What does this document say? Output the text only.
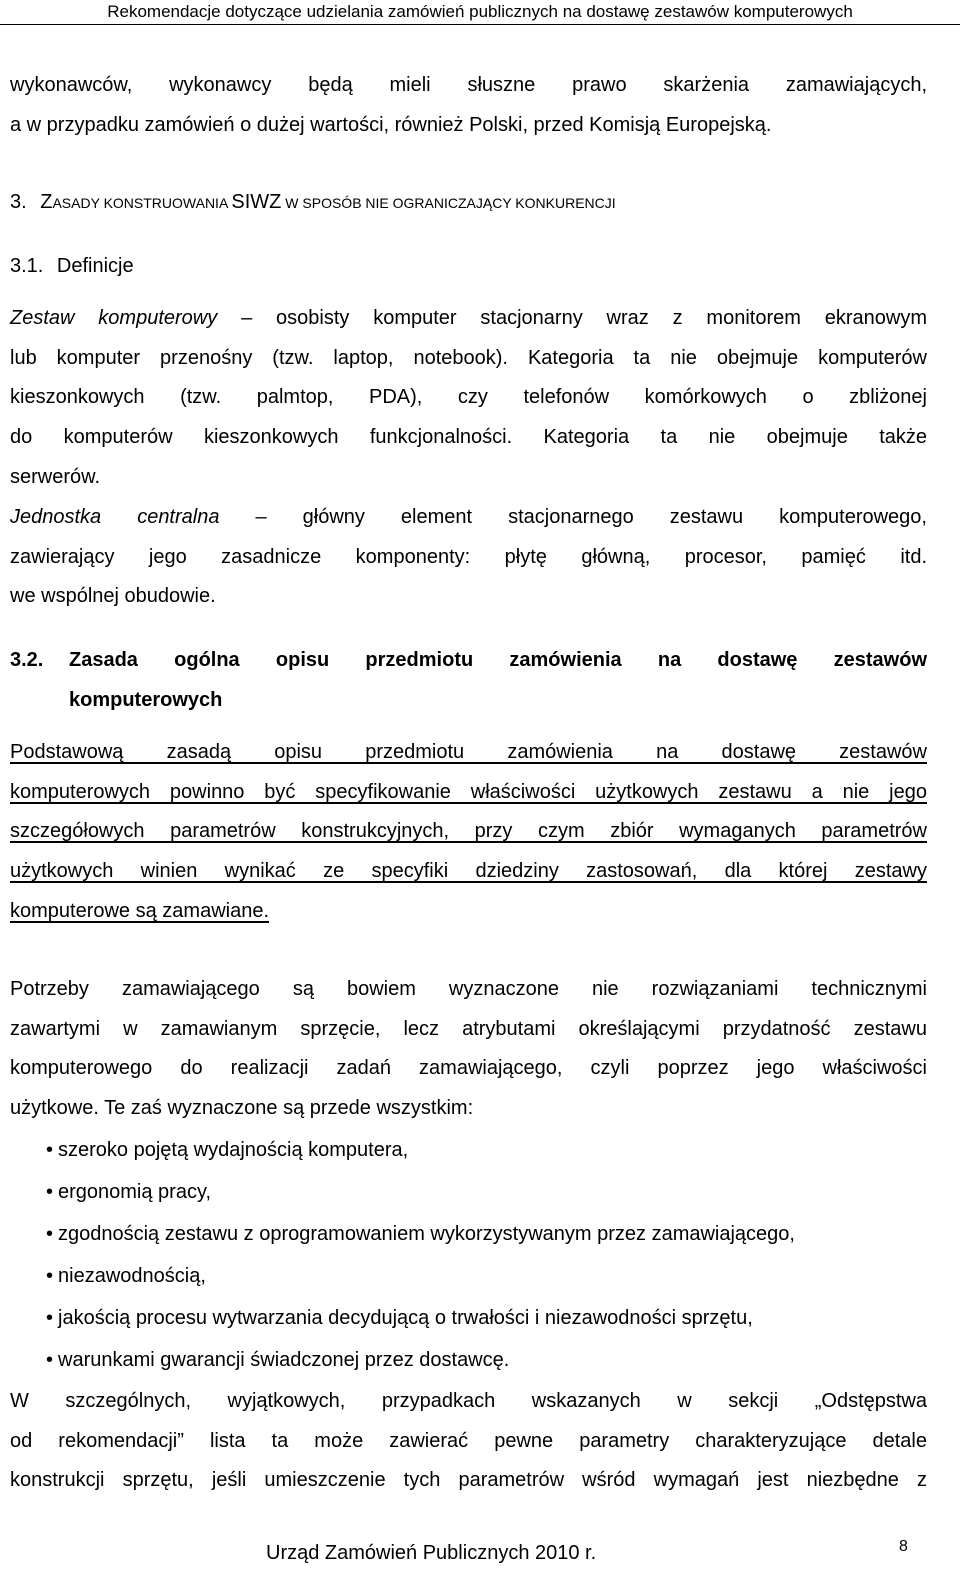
Rekomendacje dotyczące udzielania zamówień publicznych na dostawę zestawów komputerowych
wykonawców, wykonawcy będą mieli słuszne prawo skarżenia zamawiających,
a w przypadku zamówień o dużej wartości, również Polski, przed Komisją Europejską.
3. ZASADY KONSTRUOWANIA SIWZ W SPOSÓB NIE OGRANICZAJĄCY KONKURENCJI
3.1. Definicje
Zestaw komputerowy – osobisty komputer stacjonarny wraz z monitorem ekranowym
lub komputer przenośny (tzw. laptop, notebook). Kategoria ta nie obejmuje komputerów
kieszonkowych (tzw. palmtop, PDA), czy telefonów komórkowych o zbliżonej
do komputerów kieszonkowych funkcjonalności. Kategoria ta nie obejmuje także
serwerów.
Jednostka centralna – główny element stacjonarnego zestawu komputerowego,
zawierający jego zasadnicze komponenty: płytę główną, procesor, pamięć itd.
we wspólnej obudowie.
3.2. Zasada ogólna opisu przedmiotu zamówienia na dostawę zestawów
komputerowych
Podstawową zasadą opisu przedmiotu zamówienia na dostawę zestawów
komputerowych powinno być specyfikowanie właściwości użytkowych zestawu a nie jego
szczegółowych parametrów konstrukcyjnych, przy czym zbiór wymaganych parametrów
użytkowych winien wynikać ze specyfiki dziedziny zastosowań, dla której zestawy
komputerowe są zamawiane.
Potrzeby zamawiającego są bowiem wyznaczone nie rozwiązaniami technicznymi
zawartymi w zamawianym sprzęcie, lecz atrybutami określającymi przydatność zestawu
komputerowego do realizacji zadań zamawiającego, czyli poprzez jego właściwości
użytkowe. Te zaś wyznaczone są przede wszystkim:
• szeroko pojętą wydajnością komputera,
• ergonomią pracy,
• zgodnością zestawu z oprogramowaniem wykorzystywanym przez zamawiającego,
• niezawodnością,
• jakością procesu wytwarzania decydującą o trwałości i niezawodności sprzętu,
• warunkami gwarancji świadczonej przez dostawcę.
W szczególnych, wyjątkowych, przypadkach wskazanych w sekcji „Odstępstwa
od rekomendacji” lista ta może zawierać pewne parametry charakteryzujące detale
konstrukcji sprzętu, jeśli umieszczenie tych parametrów wśród wymagań jest niezbędne z
Urząd Zamówień Publicznych 2010 r.	8
